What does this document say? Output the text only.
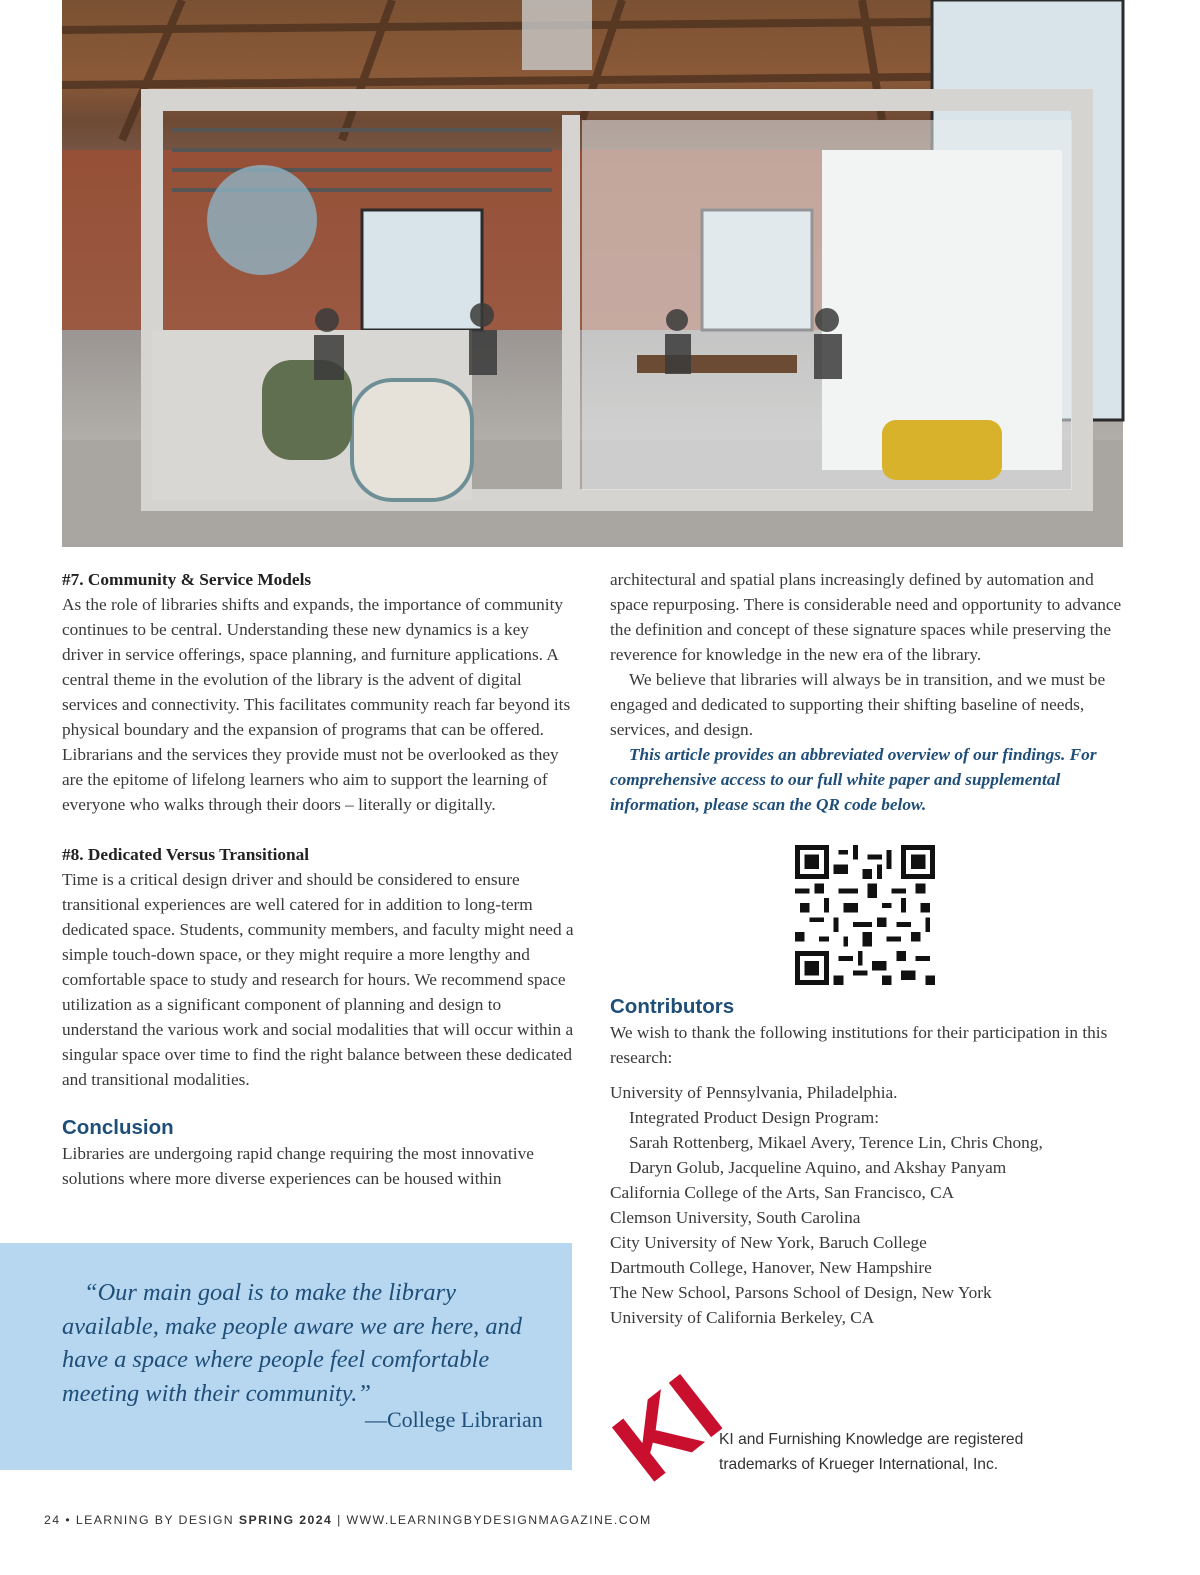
#7. Community & Service Models

As the role of libraries shifts and expands, the importance of community continues to be central. Understanding these new dynamics is a key driver in service offerings, space planning, and furniture applications. A central theme in the evolution of the library is the advent of digital services and connectivity. This facilitates community reach far beyond its physical boundary and the expansion of programs that can be offered. Librarians and the services they provide must not be overlooked as they are the epitome of lifelong learners who aim to support the learning of everyone who walks through their doors – literally or digitally.

#8. Dedicated Versus Transitional

Time is a critical design driver and should be considered to ensure transitional experiences are well catered for in addition to long-term dedicated space. Students, community members, and faculty might need a simple touch-down space, or they might require a more lengthy and comfortable space to study and research for hours. We recommend space utilization as a significant component of planning and design to understand the various work and social modalities that will occur within a singular space over time to find the right balance between these dedicated and transitional modalities.

Conclusion

Libraries are undergoing rapid change requiring the most innovative solutions where more diverse experiences can be housed within

architectural and spatial plans increasingly defined by automation and space repurposing. There is considerable need and opportunity to advance the definition and concept of these signature spaces while preserving the reverence for knowledge in the new era of the library.

We believe that libraries will always be in transition, and we must be engaged and dedicated to supporting their shifting baseline of needs, services, and design.

This article provides an abbreviated overview of our findings. For comprehensive access to our full white paper and supplemental information, please scan the QR code below.

Contributors

We wish to thank the following institutions for their participation in this research:

University of Pennsylvania, Philadelphia.

Integrated Product Design Program:

Sarah Rottenberg, Mikael Avery, Terence Lin, Chris Chong,

Daryn Golub, Jacqueline Aquino, and Akshay Panyam

California College of the Arts, San Francisco, CA

Clemson University, South Carolina

City University of New York, Baruch College

Dartmouth College, Hanover, New Hampshire

The New School, Parsons School of Design, New York

University of California Berkeley, CA

“Our main goal is to make the library available, make people aware we are here, and have a space where people feel comfortable meeting with their community.”
—College Librarian KI
KI and Furnishing Knowledge are registered trademarks of Krueger International, Inc.
24 • LEARNING BY DESIGN SPRING 2024 | WWW.LEARNINGBYDESIGNMAGAZINE.COM
